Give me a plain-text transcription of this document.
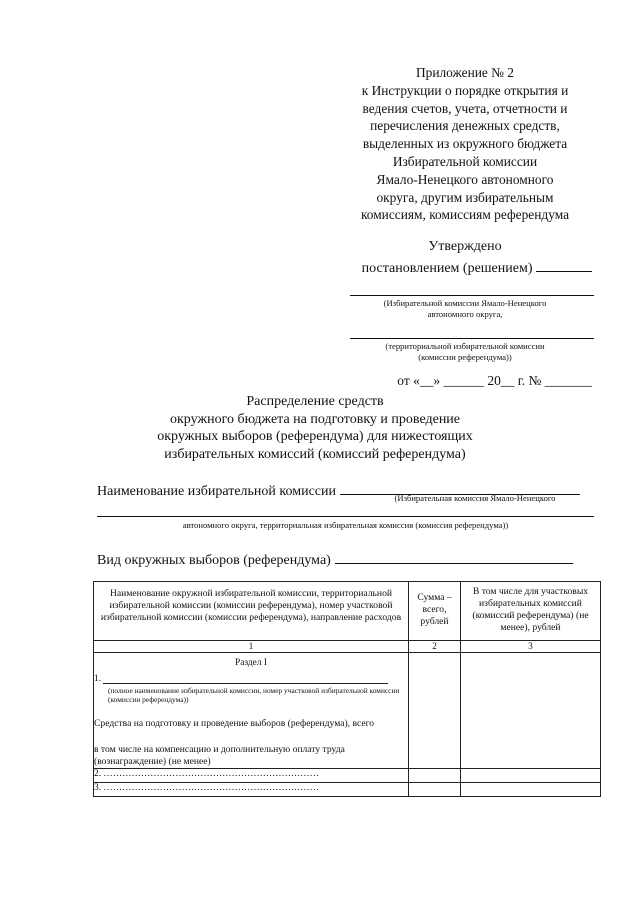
Приложение № 2
к Инструкции о порядке открытия и
ведения счетов, учета, отчетности и
перечисления денежных средств,
выделенных из окружного бюджета
Избирательной комиссии
Ямало-Ненецкого автономного
округа, другим избирательным
комиссиям, комиссиям референдума
Утверждено
постановлением (решением)
(Избирательной комиссии Ямало-Ненецкого
автономного округа,
(территориальной избирательной комиссии
(комиссии референдума))
от «__» ______ 20__ г. № _______
Распределение средств
окружного бюджета на подготовку и проведение
окружных выборов (референдума) для нижестоящих
избирательных комиссий (комиссий референдума)
Наименование избирательной комиссии	(Избирательная комиссия Ямало-Ненецкого
автономного округа, территориальная избирательная комиссия (комиссия референдума))
Вид окружных выборов (референдума)
Наименование окружной избирательной комиссии, территориальной избирательной комиссии (комиссии референдума), номер участковой избирательной комиссии (комиссии референдума), направление расходов	Сумма – всего, рублей	В том числе для участковых избирательных комиссий (комиссий референдума) (не менее), рублей
1	2	3

Раздел I
1.
(полное наименование избирательной комиссии, номер участковой избирательной комиссии (комиссии референдума))
Средства на подготовку и проведение выборов (референдума), всего
в том числе на компенсацию и дополнительную оплату труда (вознаграждение) (не менее)		

2. ……………………………………………………………		
3. ……………………………………………………………		
